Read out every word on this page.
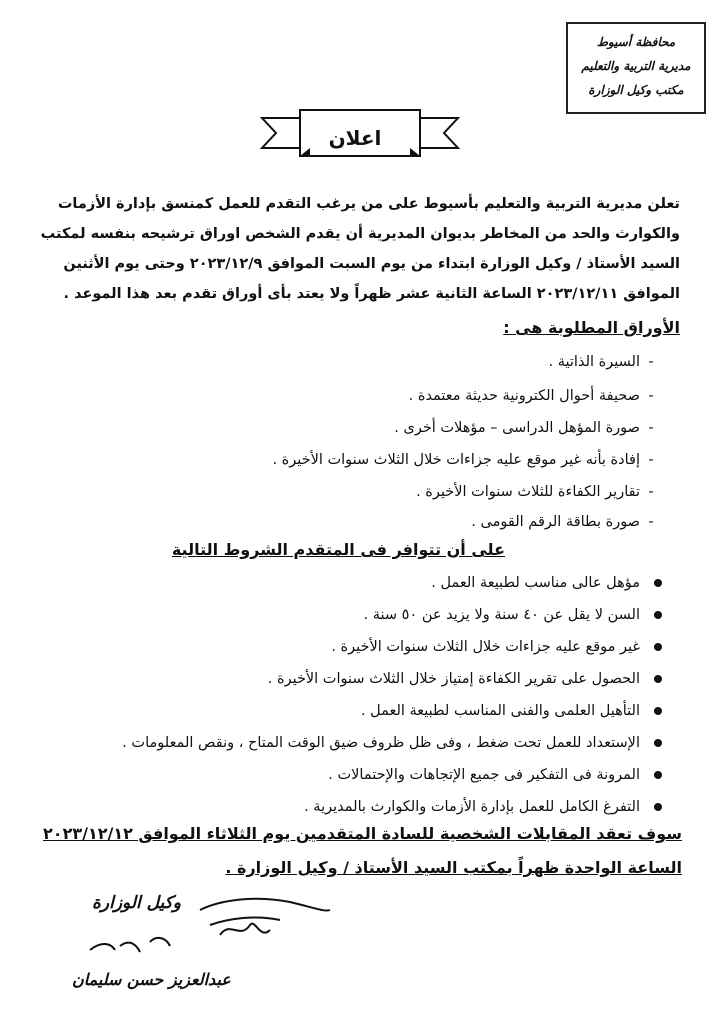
محافظة أسيوط
مديرية التربية والتعليم
مكتب وكيل الوزارة
اعلان
تعلن مديرية التربية والتعليم بأسيوط على من يرغب التقدم للعمل كمنسق بإدارة الأزمات
والكوارث والحد من المخاطر بديوان المديرية أن يقدم الشخص اوراق ترشيحه بنفسه لمكتب
السيد الأستاذ / وكيل الوزارة ابتداء من يوم السبت الموافق ٢٠٢٣/١٢/٩ وحتى يوم الأثنين
الموافق ٢٠٢٣/١٢/١١ الساعة الثانية عشر ظهراً ولا يعتد بأى أوراق تقدم بعد هذا الموعد .
الأوراق المطلوبة هى :
-السيرة الذاتية .
-صحيفة أحوال الكترونية حديثة معتمدة .
-صورة المؤهل الدراسى – مؤهلات أخرى .
-إفادة بأنه غير موقع عليه جزاءات خلال الثلاث سنوات الأخيرة .
-تقارير الكفاءة للثلاث سنوات الأخيرة .
-صورة بطاقة الرقم القومى .
على أن تتوافر فى المتقدم الشروط التالية
مؤهل عالى مناسب لطبيعة العمل .
السن لا يقل عن ٤٠ سنة ولا يزيد عن ٥٠ سنة .
غير موقع عليه جزاءات خلال الثلاث سنوات الأخيرة .
الحصول على تقرير الكفاءة إمتياز خلال الثلاث سنوات الأخيرة .
التأهيل العلمى والفنى المناسب لطبيعة العمل .
الإستعداد للعمل تحت ضغط ، وفى ظل ظروف ضيق الوقت المتاح ، ونقص المعلومات .
المرونة فى التفكير فى جميع الإتجاهات والإحتمالات .
التفرغ الكامل للعمل بإدارة الأزمات والكوارث بالمديرية .
سوف تعقد المقابلات الشخصية للسادة المتقدمين يوم الثلاثاء الموافق ٢٠٢٣/١٢/١٢
الساعة الواحدة ظهراً بمكتب السيد الأستاذ / وكيل الوزارة .
وكيل الوزارة
عبدالعزيز حسن سليمان
